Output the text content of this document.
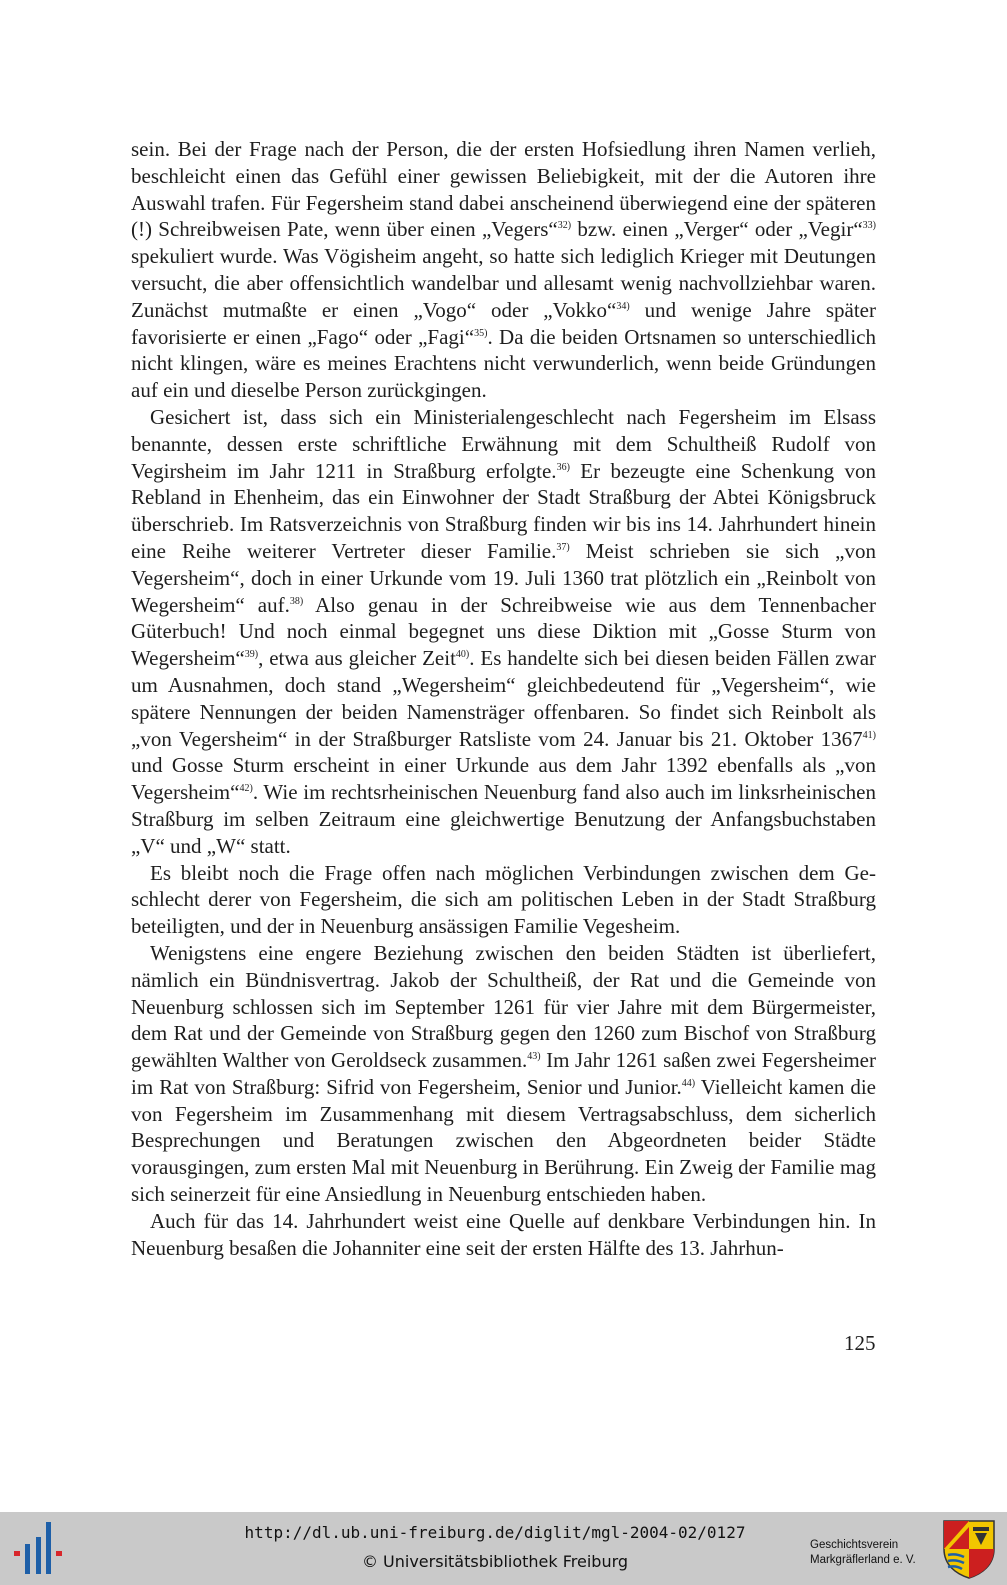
sein. Bei der Frage nach der Person, die der ersten Hofsiedlung ihren Namen verlieh, beschleicht einen das Gefühl einer gewissen Beliebigkeit, mit der die Autoren ihre Auswahl trafen. Für Fegersheim stand dabei anscheinend überwiegend eine der späteren (!) Schreibweisen Pate, wenn über einen „Vegers“$^{32)}$ bzw. einen „Verger“ oder „Vegir“$^{33)}$ spekuliert wurde. Was Vögisheim angeht, so hatte sich lediglich Krieger mit Deutungen versucht, die aber offensichtlich wandelbar und allesamt wenig nachvollziehbar waren. Zunächst mutmaßte er einen „Vogo“ oder „Vokko“$^{34)}$ und wenige Jahre später favorisierte er einen „Fago“ oder „Fagi“$^{35)}$. Da die beiden Ortsnamen so unterschiedlich nicht klingen, wäre es meines Erachtens nicht verwunderlich, wenn beide Gründungen auf ein und dieselbe Person zurückgingen.

Gesichert ist, dass sich ein Ministerialengeschlecht nach Fegersheim im Elsass benannte, dessen erste schriftliche Erwähnung mit dem Schultheiß Rudolf von Vegirsheim im Jahr 1211 in Straßburg erfolgte.$^{36)}$ Er bezeugte eine Schenkung von Rebland in Ehenheim, das ein Einwohner der Stadt Straßburg der Abtei Königsbruck überschrieb. Im Ratsverzeichnis von Straßburg finden wir bis ins 14. Jahrhundert hinein eine Reihe weiterer Vertreter dieser Familie.$^{37)}$ Meist schrieben sie sich „von Vegersheim“, doch in einer Urkunde vom 19. Juli 1360 trat plötzlich ein „Reinbolt von Wegersheim“ auf.$^{38)}$ Also genau in der Schreibweise wie aus dem Tennenbacher Güterbuch! Und noch einmal begegnet uns diese Diktion mit „Gosse Sturm von Wegersheim“$^{39)}$, etwa aus gleicher Zeit$^{40)}$. Es handelte sich bei diesen beiden Fällen zwar um Ausnahmen, doch stand „Wegersheim“ gleichbedeutend für „Vegersheim“, wie spätere Nennungen der beiden Namensträger offenbaren. So findet sich Reinbolt als „von Vegersheim“ in der Straßburger Ratsliste vom 24. Januar bis 21. Oktober 1367$^{41)}$ und Gosse Sturm erscheint in einer Urkunde aus dem Jahr 1392 ebenfalls als „von Vegersheim“$^{42)}$. Wie im rechtsrheinischen Neuenburg fand also auch im linksrheinischen Straßburg im selben Zeitraum eine gleichwertige Benutzung der Anfangsbuchstaben „V“ und „W“ statt.

Es bleibt noch die Frage offen nach möglichen Verbindungen zwischen dem Geschlecht derer von Fegersheim, die sich am politischen Leben in der Stadt Straßburg beteiligten, und der in Neuenburg ansässigen Familie Vegesheim.

Wenigstens eine engere Beziehung zwischen den beiden Städten ist überliefert, nämlich ein Bündnisvertrag. Jakob der Schultheiß, der Rat und die Gemeinde von Neuenburg schlossen sich im September 1261 für vier Jahre mit dem Bürgermeister, dem Rat und der Gemeinde von Straßburg gegen den 1260 zum Bischof von Straßburg gewählten Walther von Geroldseck zusammen.$^{43)}$ Im Jahr 1261 saßen zwei Fegersheimer im Rat von Straßburg: Sifrid von Fegersheim, Senior und Junior.$^{44)}$ Vielleicht kamen die von Fegersheim im Zusammenhang mit diesem Vertragsabschluss, dem sicherlich Besprechungen und Beratungen zwischen den Abgeordneten beider Städte vorausgingen, zum ersten Mal mit Neuenburg in Berührung. Ein Zweig der Familie mag sich seinerzeit für eine Ansiedlung in Neuenburg entschieden haben.

Auch für das 14. Jahrhundert weist eine Quelle auf denkbare Verbindungen hin. In Neuenburg besaßen die Johanniter eine seit der ersten Hälfte des 13. Jahrhun-

125
http://dl.ub.uni-freiburg.de/diglit/mgl-2004-02/0127
© Universitätsbibliothek Freiburg
Geschichtsverein
Markgräflerland e. V.
